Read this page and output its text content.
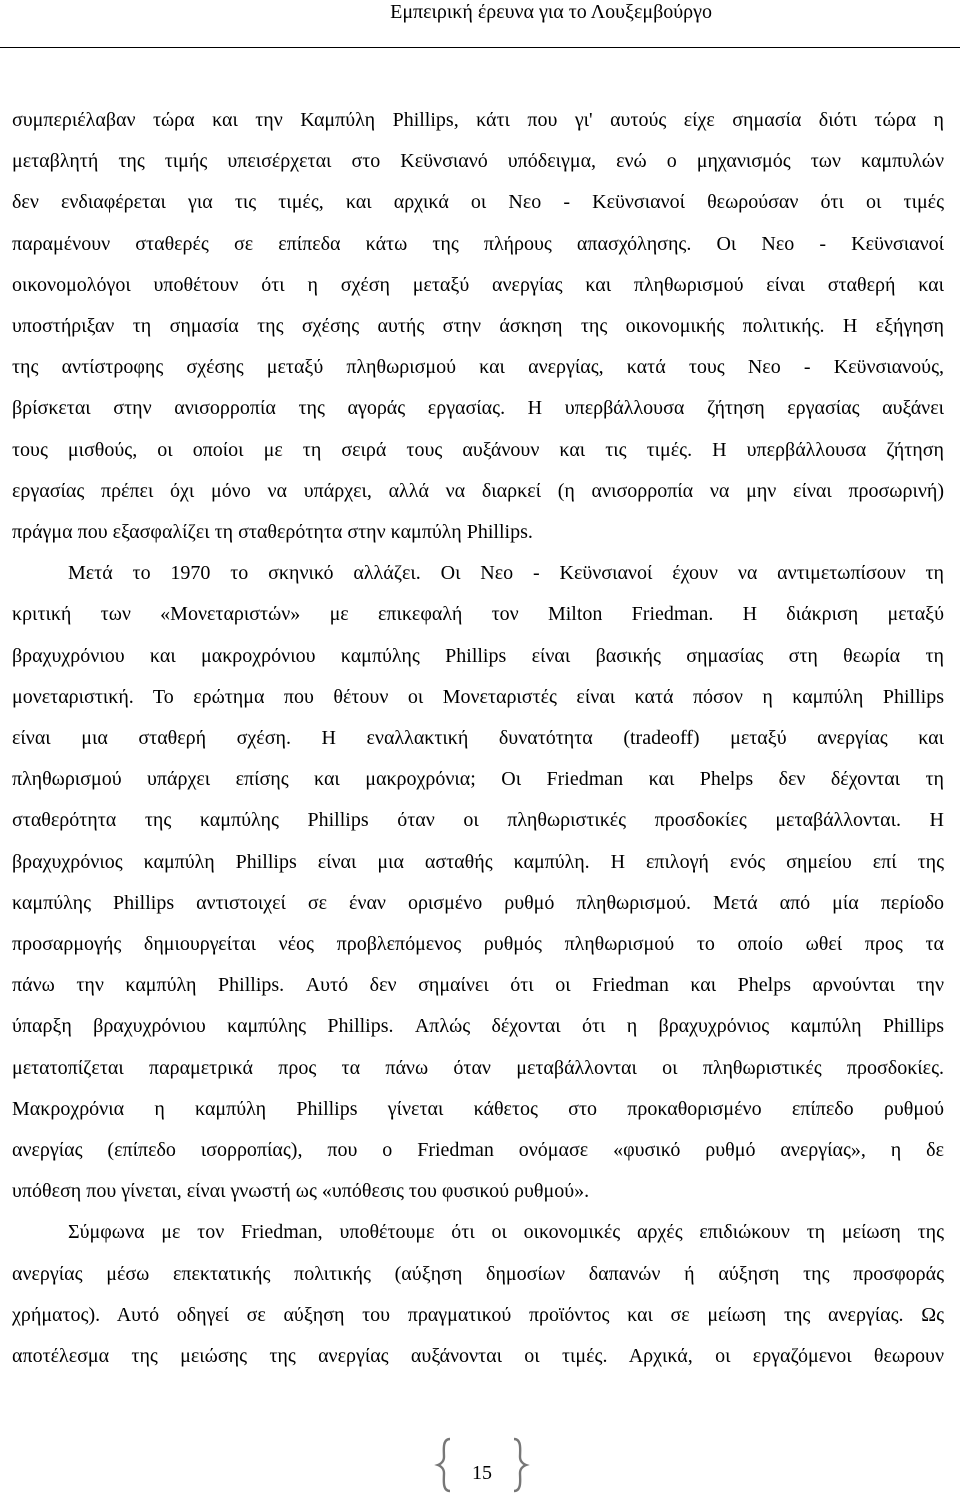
Εμπειρική έρευνα για το Λουξεμβούργο

συμπεριέλαβαν τώρα και την Καμπύλη Phillips, κάτι που γι' αυτούς είχε σημασία διότι τώρα η
μεταβλητή της τιμής υπεισέρχεται στο Κεϋνσιανό υπόδειγμα, ενώ ο μηχανισμός των καμπυλών
δεν ενδιαφέρεται για τις τιμές, και αρχικά οι Νεο - Κεϋνσιανοί θεωρούσαν ότι οι τιμές
παραμένουν σταθερές σε επίπεδα κάτω της πλήρους απασχόλησης. Οι Νεο - Κεϋνσιανοί
οικονομολόγοι υποθέτουν ότι η σχέση μεταξύ ανεργίας και πληθωρισμού είναι σταθερή και
υποστήριξαν τη σημασία της σχέσης αυτής στην άσκηση της οικονομικής πολιτικής. Η εξήγηση
της αντίστροφης σχέσης μεταξύ πληθωρισμού και ανεργίας, κατά τους Νεο - Κεϋνσιανούς,
βρίσκεται στην ανισορροπία της αγοράς εργασίας. Η υπερβάλλουσα ζήτηση εργασίας αυξάνει
τους μισθούς, οι οποίοι με τη σειρά τους αυξάνουν και τις τιμές. Η υπερβάλλουσα ζήτηση
εργασίας πρέπει όχι μόνο να υπάρχει, αλλά να διαρκεί (η ανισορροπία να μην είναι προσωρινή)
πράγμα που εξασφαλίζει τη σταθερότητα στην καμπύλη Phillips.

Μετά το 1970 το σκηνικό αλλάζει. Οι Νεο - Κεϋνσιανοί έχουν να αντιμετωπίσουν τη
κριτική των «Μονεταριστών» με επικεφαλή τον Milton Friedman. Η διάκριση μεταξύ
βραχυχρόνιου και μακροχρόνιου καμπύλης Phillips είναι βασικής σημασίας στη θεωρία τη
μονεταριστική. Το ερώτημα που θέτουν οι Μονεταριστές είναι κατά πόσον η καμπύλη Phillips
είναι μια σταθερή σχέση. Η εναλλακτική δυνατότητα (tradeoff) μεταξύ ανεργίας και
πληθωρισμού υπάρχει επίσης και μακροχρόνια; Οι Friedman και Phelps δεν δέχονται τη
σταθερότητα της καμπύλης Phillips όταν οι πληθωριστικές προσδοκίες μεταβάλλονται. Η
βραχυχρόνιος καμπύλη Phillips είναι μια ασταθής καμπύλη. Η επιλογή ενός σημείου επί της
καμπύλης Phillips αντιστοιχεί σε έναν ορισμένο ρυθμό πληθωρισμού. Μετά από μία περίοδο
προσαρμογής δημιουργείται νέος προβλεπόμενος ρυθμός πληθωρισμού το οποίο ωθεί προς τα
πάνω την καμπύλη Phillips. Αυτό δεν σημαίνει ότι οι Friedman και Phelps αρνούνται την
ύπαρξη βραχυχρόνιου καμπύλης Phillips. Απλώς δέχονται ότι η βραχυχρόνιος καμπύλη Phillips
μετατοπίζεται παραμετρικά προς τα πάνω όταν μεταβάλλονται οι πληθωριστικές προσδοκίες.
Μακροχρόνια η καμπύλη Phillips γίνεται κάθετος στο προκαθορισμένο επίπεδο ρυθμού
ανεργίας (επίπεδο ισορροπίας), που ο Friedman ονόμασε «φυσικό ρυθμό ανεργίας», η δε
υπόθεση που γίνεται, είναι γνωστή ως «υπόθεσις του φυσικού ρυθμού».

Σύμφωνα με τον Friedman, υποθέτουμε ότι οι οικονομικές αρχές επιδιώκουν τη μείωση της
ανεργίας μέσω επεκτατικής πολιτικής (αύξηση δημοσίων δαπανών ή αύξηση της προσφοράς
χρήματος). Αυτό οδηγεί σε αύξηση του πραγματικού προϊόντος και σε μείωση της ανεργίας. Ως
αποτέλεσμα της μειώσης της ανεργίας αυξάνονται οι τιμές. Αρχικά, οι εργαζόμενοι θεωρουν

15
